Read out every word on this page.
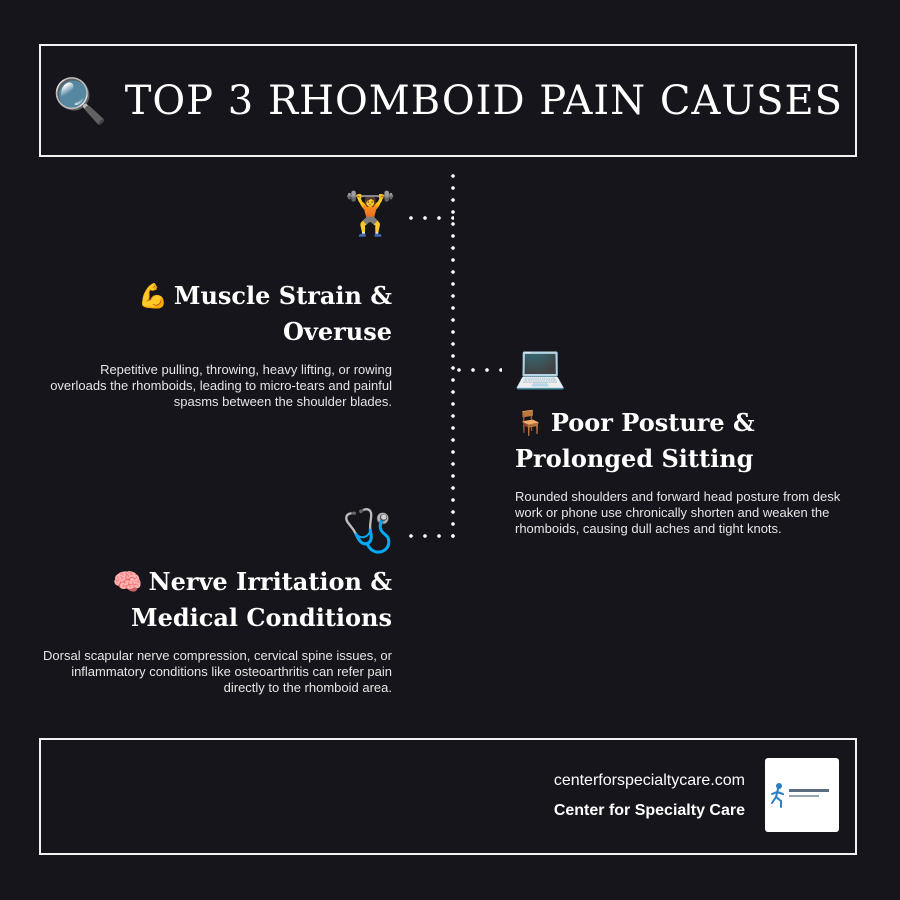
🔍 TOP 3 RHOMBOID PAIN CAUSES
🏋️
💻
🩺
💪 Muscle Strain & Overuse
Repetitive pulling, throwing, heavy lifting, or rowing overloads the rhomboids, leading to micro-tears and painful spasms between the shoulder blades.
🪑 Poor Posture & Prolonged Sitting
Rounded shoulders and forward head posture from desk work or phone use chronically shorten and weaken the rhomboids, causing dull aches and tight knots.
🧠 Nerve Irritation & Medical Conditions
Dorsal scapular nerve compression, cervical spine issues, or inflammatory conditions like osteoarthritis can refer pain directly to the rhomboid area.
centerforspecialtycare.com
Center for Specialty Care
